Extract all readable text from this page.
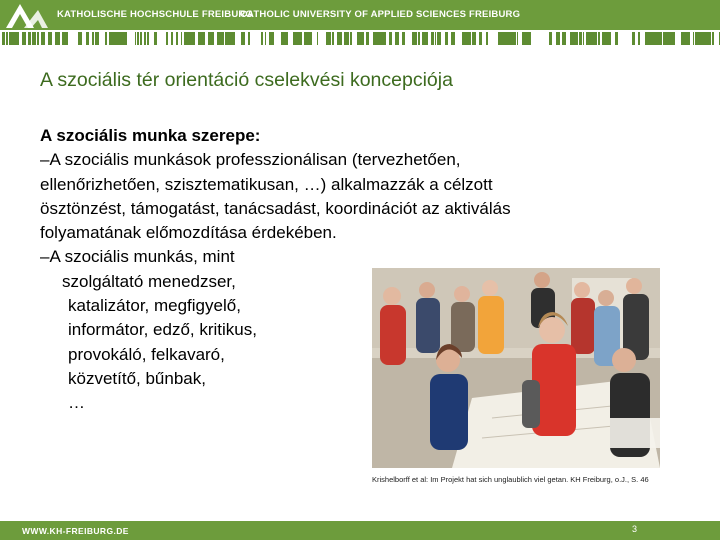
KATHOLISCHE HOCHSCHULE FREIBURG
CATHOLIC UNIVERSITY OF APPLIED SCIENCES FREIBURG
A szociális tér orientáció cselekvési koncepciója
A szociális munka szerepe:
–A szociális munkások professzionálisan (tervezhetően,
ellenőrizhetően, szisztematikusan, …) alkalmazzák a célzott
ösztönzést, támogatást, tanácsadást, koordinációt az aktiválás
folyamatának előmozdítása érdekében.
–A szociális munkás, mint
szolgáltató menedzser,
katalizátor, megfigyelő,
informátor, edző, kritikus,
provokáló, felkavaró,
közvetítő, bűnbak,
…
Krishelborff et al: Im Projekt hat sich unglaublich viel getan. KH Freiburg, o.J., S. 46
WWW.KH-FREIBURG.DE	3
